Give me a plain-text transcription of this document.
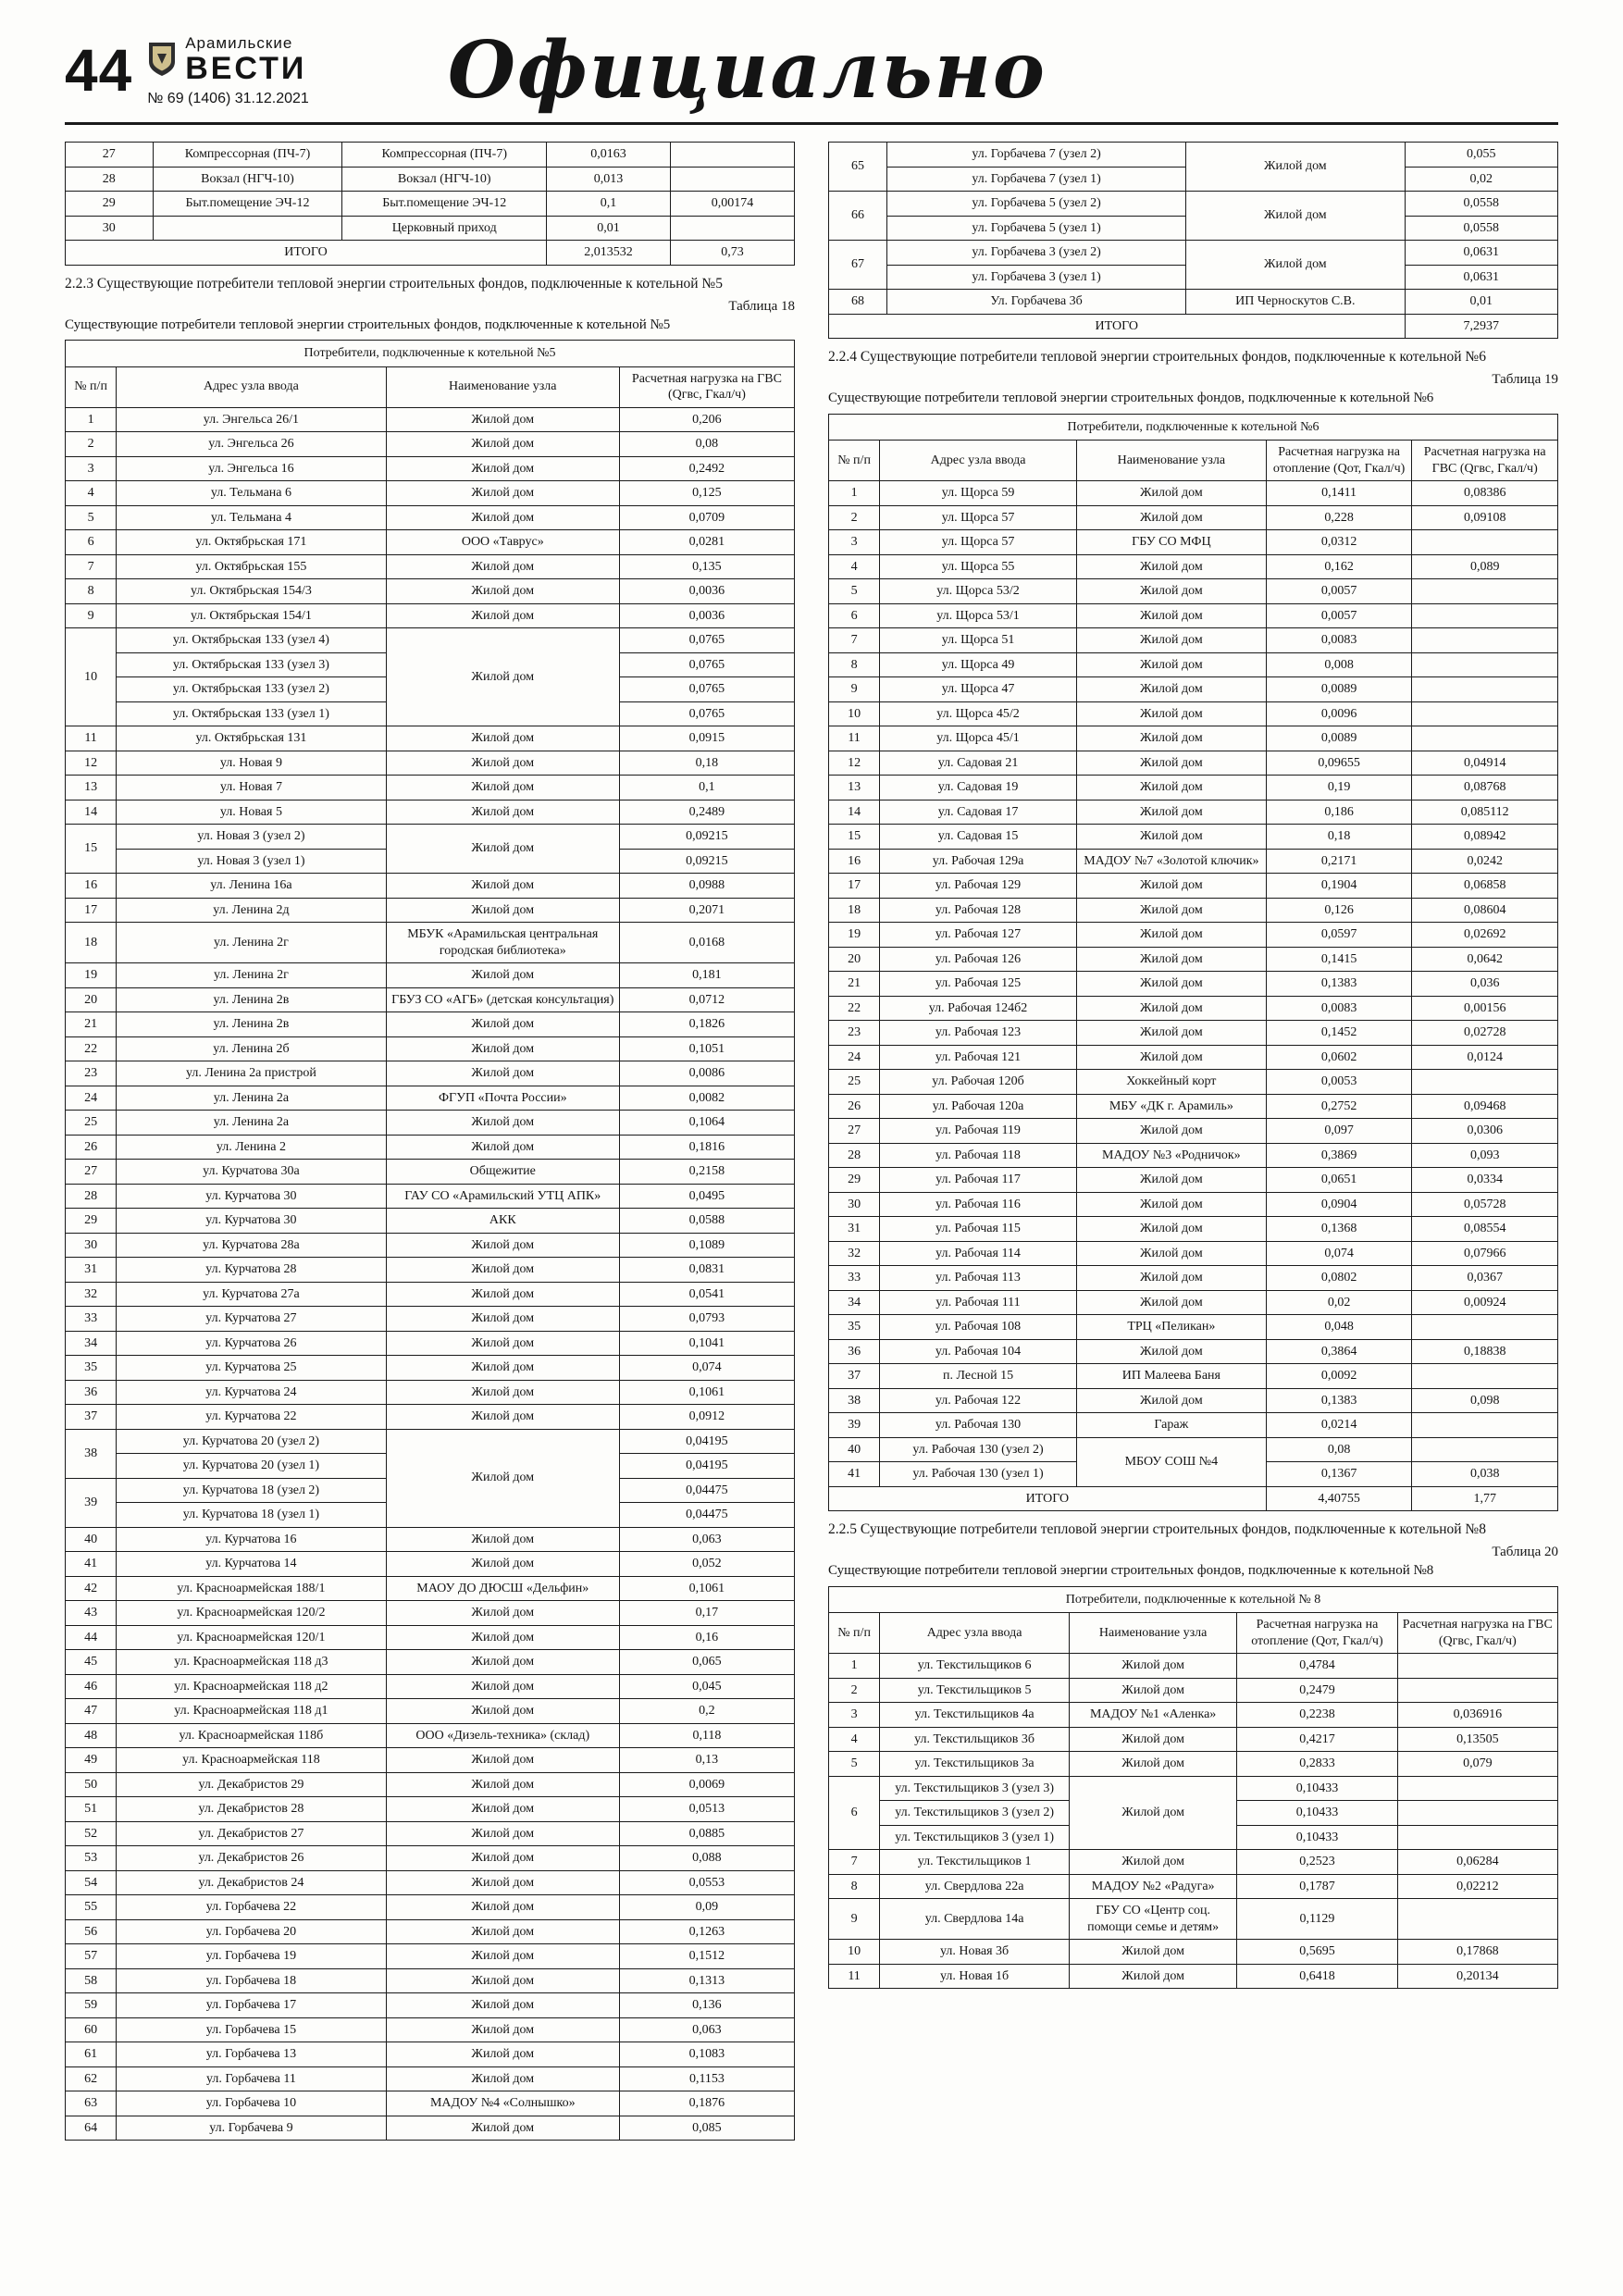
44	Арамильские
ВЕСТИ
№ 69 (1406) 31.12.2021 Официально
27	Компрессорная (ПЧ-7)	Компрессорная (ПЧ-7)	0,0163	
28	Вокзал (НГЧ-10)	Вокзал (НГЧ-10)	0,013	
29	Быт.помещение ЭЧ-12	Быт.помещение ЭЧ-12	0,1	0,00174
30		Церковный приход	0,01	
ИТОГО			2,013532	0,73

2.2.3 Существующие потребители тепловой энергии строительных фондов, подключенные к котельной №5

Таблица 18
Существующие потребители тепловой энергии строительных фондов, подключенные к котельной №5
Потребители, подключенные к котельной №5			
№ п/п	Адрес узла ввода	Наименование узла	Расчетная нагрузка на ГВС (Qгвс, Гкал/ч)
1	ул. Энгельса 26/1	Жилой дом	0,206
2	ул. Энгельса 26	Жилой дом	0,08
3	ул. Энгельса 16	Жилой дом	0,2492
4	ул. Тельмана 6	Жилой дом	0,125
5	ул. Тельмана 4	Жилой дом	0,0709
6	ул. Октябрьская 171	ООО «Таврус»	0,0281
7	ул. Октябрьская 155	Жилой дом	0,135
8	ул. Октябрьская 154/3	Жилой дом	0,0036
9	ул. Октябрьская 154/1	Жилой дом	0,0036
10	ул. Октябрьская 133 (узел 4)	Жилой дом	0,0765
	ул. Октябрьская 133 (узел 3)		0,0765
	ул. Октябрьская 133 (узел 2)		0,0765
	ул. Октябрьская 133 (узел 1)		0,0765
11	ул. Октябрьская 131	Жилой дом	0,0915
12	ул. Новая 9	Жилой дом	0,18
13	ул. Новая 7	Жилой дом	0,1
14	ул. Новая 5	Жилой дом	0,2489
15	ул. Новая 3 (узел 2)	Жилой дом	0,09215
	ул. Новая 3 (узел 1)		0,09215
16	ул. Ленина 16а	Жилой дом	0,0988
17	ул. Ленина 2д	Жилой дом	0,2071
18	ул. Ленина 2г	МБУК «Арамильская центральная городская библиотека»	0,0168
19	ул. Ленина 2г	Жилой дом	0,181
20	ул. Ленина 2в	ГБУЗ СО «АГБ» (детская консультация)	0,0712
21	ул. Ленина 2в	Жилой дом	0,1826
22	ул. Ленина 2б	Жилой дом	0,1051
23	ул. Ленина 2а пристрой	Жилой дом	0,0086
24	ул. Ленина 2а	ФГУП «Почта России»	0,0082
25	ул. Ленина 2а	Жилой дом	0,1064
26	ул. Ленина 2	Жилой дом	0,1816
27	ул. Курчатова 30а	Общежитие	0,2158
28	ул. Курчатова 30	ГАУ СО «Арамильский УТЦ АПК»	0,0495
29	ул. Курчатова 30	АКК	0,0588
30	ул. Курчатова 28а	Жилой дом	0,1089
31	ул. Курчатова 28	Жилой дом	0,0831
32	ул. Курчатова 27а	Жилой дом	0,0541
33	ул. Курчатова 27	Жилой дом	0,0793
34	ул. Курчатова 26	Жилой дом	0,1041
35	ул. Курчатова 25	Жилой дом	0,074
36	ул. Курчатова 24	Жилой дом	0,1061
37	ул. Курчатова 22	Жилой дом	0,0912
38	ул. Курчатова 20 (узел 2)	Жилой дом	0,04195
	ул. Курчатова 20 (узел 1)		0,04195
39	ул. Курчатова 18 (узел 2)		0,04475
	ул. Курчатова 18 (узел 1)		0,04475
40	ул. Курчатова 16	Жилой дом	0,063
41	ул. Курчатова 14	Жилой дом	0,052
42	ул. Красноармейская 188/1	МАОУ ДО ДЮСШ «Дельфин»	0,1061
43	ул. Красноармейская 120/2	Жилой дом	0,17
44	ул. Красноармейская 120/1	Жилой дом	0,16
45	ул. Красноармейская 118 д3	Жилой дом	0,065
46	ул. Красноармейская 118 д2	Жилой дом	0,045
47	ул. Красноармейская 118 д1	Жилой дом	0,2
48	ул. Красноармейская 118б	ООО «Дизель-техника» (склад)	0,118
49	ул. Красноармейская 118	Жилой дом	0,13
50	ул. Декабристов 29	Жилой дом	0,0069
51	ул. Декабристов 28	Жилой дом	0,0513
52	ул. Декабристов 27	Жилой дом	0,0885
53	ул. Декабристов 26	Жилой дом	0,088
54	ул. Декабристов 24	Жилой дом	0,0553
55	ул. Горбачева 22	Жилой дом	0,09
56	ул. Горбачева 20	Жилой дом	0,1263
57	ул. Горбачева 19	Жилой дом	0,1512
58	ул. Горбачева 18	Жилой дом	0,1313
59	ул. Горбачева 17	Жилой дом	0,136
60	ул. Горбачева 15	Жилой дом	0,063
61	ул. Горбачева 13	Жилой дом	0,1083
62	ул. Горбачева 11	Жилой дом	0,1153
63	ул. Горбачева 10	МАДОУ №4 «Солнышко»	0,1876
64	ул. Горбачева 9	Жилой дом	0,085
65	ул. Горбачева 7 (узел 2)	Жилой дом	0,055
	ул. Горбачева 7 (узел 1)		0,02
66	ул. Горбачева 5 (узел 2)	Жилой дом	0,0558
	ул. Горбачева 5 (узел 1)		0,0558
67	ул. Горбачева 3 (узел 2)	Жилой дом	0,0631
	ул. Горбачева 3 (узел 1)		0,0631
68	Ул. Горбачева 3б	ИП Черноскутов С.В.	0,01
ИТОГО			7,2937

2.2.4 Существующие потребители тепловой энергии строительных фондов, подключенные к котельной №6

Таблица 19
Существующие потребители тепловой энергии строительных фондов, подключенные к котельной №6
Потребители, подключенные к котельной №6				
№ п/п	Адрес узла ввода	Наименование узла	Расчетная нагрузка на отопление (Qот, Гкал/ч)	Расчетная нагрузка на ГВС (Qгвс, Гкал/ч)
1	ул. Щорса 59	Жилой дом	0,1411	0,08386
2	ул. Щорса 57	Жилой дом	0,228	0,09108
3	ул. Щорса 57	ГБУ СО МФЦ	0,0312	
4	ул. Щорса 55	Жилой дом	0,162	0,089
5	ул. Щорса 53/2	Жилой дом	0,0057	
6	ул. Щорса 53/1	Жилой дом	0,0057	
7	ул. Щорса 51	Жилой дом	0,0083	
8	ул. Щорса 49	Жилой дом	0,008	
9	ул. Щорса 47	Жилой дом	0,0089	
10	ул. Щорса 45/2	Жилой дом	0,0096	
11	ул. Щорса 45/1	Жилой дом	0,0089	
12	ул. Садовая 21	Жилой дом	0,09655	0,04914
13	ул. Садовая 19	Жилой дом	0,19	0,08768
14	ул. Садовая 17	Жилой дом	0,186	0,085112
15	ул. Садовая 15	Жилой дом	0,18	0,08942
16	ул. Рабочая 129а	МАДОУ №7 «Золотой ключик»	0,2171	0,0242
17	ул. Рабочая 129	Жилой дом	0,1904	0,06858
18	ул. Рабочая 128	Жилой дом	0,126	0,08604
19	ул. Рабочая 127	Жилой дом	0,0597	0,02692
20	ул. Рабочая 126	Жилой дом	0,1415	0,0642
21	ул. Рабочая 125	Жилой дом	0,1383	0,036
22	ул. Рабочая 124б2	Жилой дом	0,0083	0,00156
23	ул. Рабочая 123	Жилой дом	0,1452	0,02728
24	ул. Рабочая 121	Жилой дом	0,0602	0,0124
25	ул. Рабочая 120б	Хоккейный корт	0,0053	
26	ул. Рабочая 120а	МБУ «ДК г. Арамиль»	0,2752	0,09468
27	ул. Рабочая 119	Жилой дом	0,097	0,0306
28	ул. Рабочая 118	МАДОУ №3 «Родничок»	0,3869	0,093
29	ул. Рабочая 117	Жилой дом	0,0651	0,0334
30	ул. Рабочая 116	Жилой дом	0,0904	0,05728
31	ул. Рабочая 115	Жилой дом	0,1368	0,08554
32	ул. Рабочая 114	Жилой дом	0,074	0,07966
33	ул. Рабочая 113	Жилой дом	0,0802	0,0367
34	ул. Рабочая 111	Жилой дом	0,02	0,00924
35	ул. Рабочая 108	ТРЦ «Пеликан»	0,048	
36	ул. Рабочая 104	Жилой дом	0,3864	0,18838
37	п. Лесной 15	ИП Малеева Баня	0,0092	
38	ул. Рабочая 122	Жилой дом	0,1383	0,098
39	ул. Рабочая 130	Гараж	0,0214	
40	ул. Рабочая 130 (узел 2)	МБОУ СОШ №4	0,08	
41	ул. Рабочая 130 (узел 1)		0,1367	0,038
ИТОГО			4,40755	1,77

2.2.5 Существующие потребители тепловой энергии строительных фондов, подключенные к котельной №8

Таблица 20
Существующие потребители тепловой энергии строительных фондов, подключенные к котельной №8
Потребители, подключенные к котельной № 8				
№ п/п	Адрес узла ввода	Наименование узла	Расчетная нагрузка на отопление (Qот, Гкал/ч)	Расчетная нагрузка на ГВС (Qгвс, Гкал/ч)
1	ул. Текстильщиков 6	Жилой дом	0,4784	
2	ул. Текстильщиков 5	Жилой дом	0,2479	
3	ул. Текстильщиков 4а	МАДОУ №1 «Аленка»	0,2238	0,036916
4	ул. Текстильщиков 3б	Жилой дом	0,4217	0,13505
5	ул. Текстильщиков 3а	Жилой дом	0,2833	0,079
6	ул. Текстильщиков 3 (узел 3)	Жилой дом	0,10433	
	ул. Текстильщиков 3 (узел 2)		0,10433	
	ул. Текстильщиков 3 (узел 1)		0,10433	
7	ул. Текстильщиков 1	Жилой дом	0,2523	0,06284
8	ул. Свердлова 22а	МАДОУ №2 «Радуга»	0,1787	0,02212
9	ул. Свердлова 14а	ГБУ СО «Центр соц. помощи семье и детям»	0,1129	
10	ул. Новая 3б	Жилой дом	0,5695	0,17868
11	ул. Новая 1б	Жилой дом	0,6418	0,20134
